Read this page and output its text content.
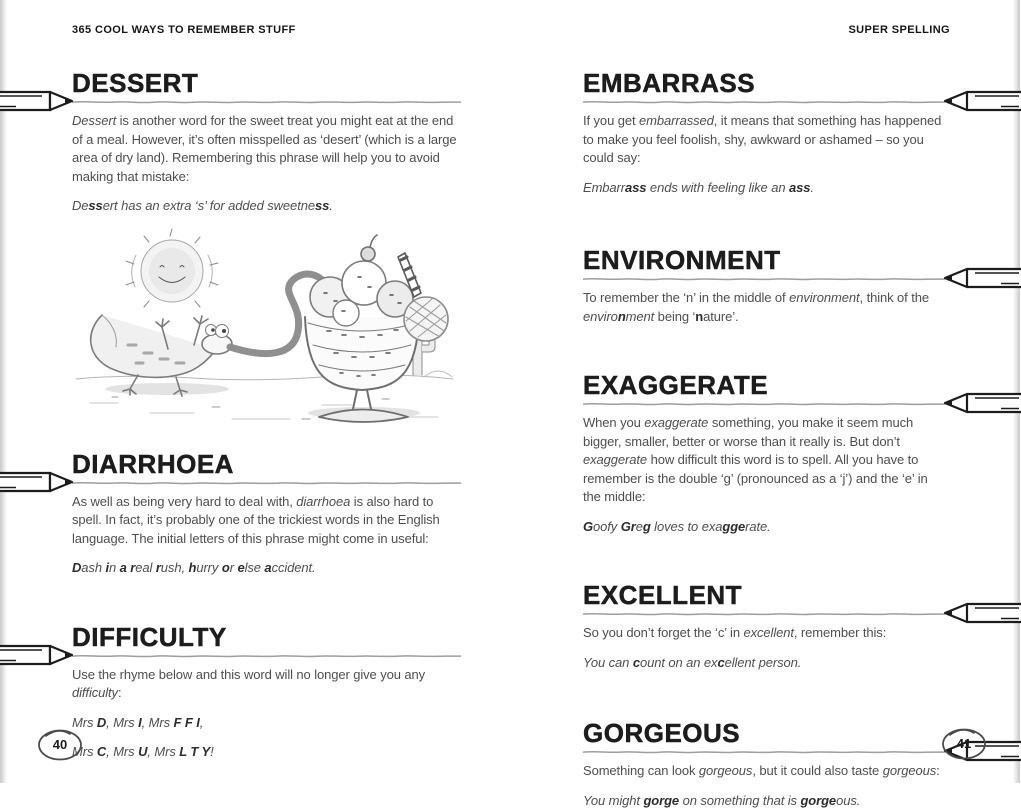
365 COOL WAYS TO REMEMBER STUFF	SUPER SPELLING
DESSERT

Dessert is another word for the sweet treat you might eat at the end of a meal. However, it’s often misspelled as ‘desert’ (which is a large area of dry land). Remembering this phrase will help you to avoid making that mistake:

Dessert has an extra ‘s’ for added sweetness.

DIARRHOEA

As well as being very hard to deal with, diarrhoea is also hard to spell. In fact, it’s probably one of the trickiest words in the English language. The initial letters of this phrase might come in useful:

Dash in a real rush, hurry or else accident.

DIFFICULTY

Use the rhyme below and this word will no longer give you any difficulty:

Mrs D, Mrs I, Mrs F F I,

Mrs C, Mrs U, Mrs L T Y!

EMBARRASS

If you get embarrassed, it means that something has happened to make you feel foolish, shy, awkward or ashamed – so you could say:

Embarrass ends with feeling like an ass.

ENVIRONMENT

To remember the ‘n’ in the middle of environment, think of the environment being ‘nature’.

EXAGGERATE

When you exaggerate something, you make it seem much bigger, smaller, better or worse than it really is. But don’t exaggerate how difficult this word is to spell. All you have to remember is the double ‘g’ (pronounced as a ‘j’) and the ‘e’ in the middle:

Goofy Greg loves to exaggerate.

EXCELLENT

So you don’t forget the ‘c’ in excellent, remember this:

You can count on an excellent person.

GORGEOUS

Something can look gorgeous, but it could also taste gorgeous:

You might gorge on something that is gorgeous.

40	41
